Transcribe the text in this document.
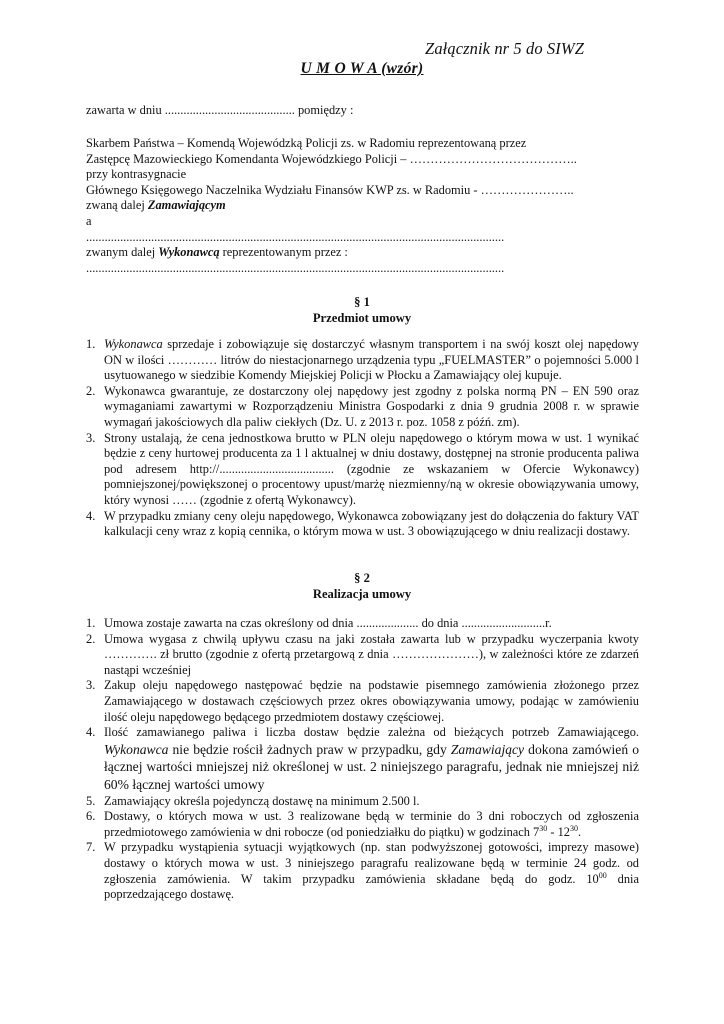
Załącznik nr 5 do SIWZ
U M O W A (wzór)

zawarta w dniu .......................................... pomiędzy :

Skarbem Państwa – Komendą Wojewódzką Policji zs. w Radomiu reprezentowaną przez

Zastępcę Mazowieckiego Komendanta Wojewódzkiego Policji – …………………………………..

przy kontrasygnacie

Głównego Księgowego Naczelnika Wydziału Finansów KWP zs. w Radomiu - …………………..

zwaną dalej Zamawiającym

a

.......................................................................................................................................

zwanym dalej Wykonawcą reprezentowanym przez :

.......................................................................................................................................

§ 1
Przedmiot umowy
1. Wykonawca sprzedaje i zobowiązuje się dostarczyć własnym transportem i na swój koszt olej napędowy ON w ilości ………… litrów do niestacjonarnego urządzenia typu „FUELMASTER” o pojemności 5.000 l usytuowanego w siedzibie Komendy Miejskiej Policji w Płocku a Zamawiający olej kupuje.
2. Wykonawca gwarantuje, ze dostarczony olej napędowy jest zgodny z polska normą PN – EN 590 oraz wymaganiami zawartymi w Rozporządzeniu Ministra Gospodarki z dnia 9 grudnia 2008 r. w sprawie wymagań jakościowych dla paliw ciekłych (Dz. U. z 2013 r. poz. 1058 z późń. zm).
3. Strony ustalają, że cena jednostkowa brutto w PLN oleju napędowego o którym mowa w ust. 1 wynikać będzie z ceny hurtowej producenta za 1 l aktualnej w dniu dostawy, dostępnej na stronie producenta paliwa pod adresem http://..................................... (zgodnie ze wskazaniem w Ofercie Wykonawcy) pomniejszonej/powiększonej o procentowy upust/marżę niezmienny/ną w okresie obowiązywania umowy, który wynosi …… (zgodnie z ofertą Wykonawcy).
4. W przypadku zmiany ceny oleju napędowego, Wykonawca zobowiązany jest do dołączenia do faktury VAT kalkulacji ceny wraz z kopią cennika, o którym mowa w ust. 3 obowiązującego w dniu realizacji dostawy.
§ 2
Realizacja umowy
1. Umowa zostaje zawarta na czas określony od dnia .................... do dnia ...........................r.
2. Umowa wygasa z chwilą upływu czasu na jaki została zawarta lub w przypadku wyczerpania kwoty …………. zł brutto (zgodnie z ofertą przetargową z dnia …………………), w zależności które ze zdarzeń nastąpi wcześniej
3. Zakup oleju napędowego następować będzie na podstawie pisemnego zamówienia złożonego przez Zamawiającego w dostawach częściowych przez okres obowiązywania umowy, podając w zamówieniu ilość oleju napędowego będącego przedmiotem dostawy częściowej.
4. Ilość zamawianego paliwa i liczba dostaw będzie zależna od bieżących potrzeb Zamawiającego. Wykonawca nie będzie rościł żadnych praw w przypadku, gdy Zamawiający dokona zamówień o łącznej wartości mniejszej niż określonej w ust. 2 niniejszego paragrafu, jednak nie mniejszej niż 60% łącznej wartości umowy
5. Zamawiający określa pojedynczą dostawę na minimum 2.500 l.
6. Dostawy, o których mowa w ust. 3 realizowane będą w terminie do 3 dni roboczych od zgłoszenia przedmiotowego zamówienia w dni robocze (od poniedziałku do piątku) w godzinach $7^{30} - 12^{30}$.
7. W przypadku wystąpienia sytuacji wyjątkowych (np. stan podwyższonej gotowości, imprezy masowe) dostawy o których mowa w ust. 3 niniejszego paragrafu realizowane będą w terminie 24 godz. od zgłoszenia zamówienia. W takim przypadku zamówienia składane będą do godz. $10^{00}$ dnia poprzedzającego dostawę.
